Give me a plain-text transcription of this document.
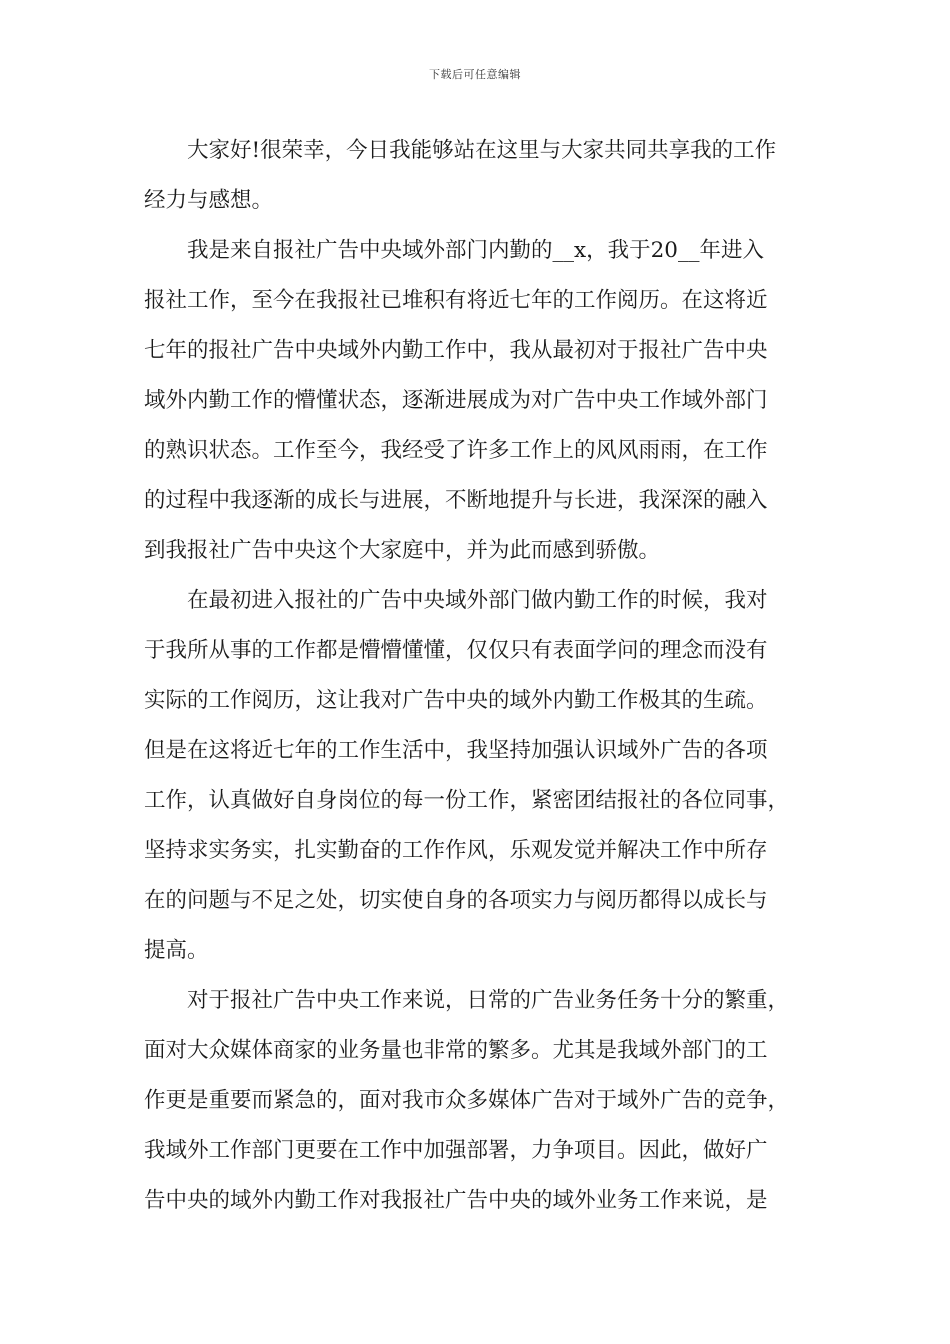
下载后可任意编辑
　　大家好!很荣幸，今日我能够站在这里与大家共同共享我的工作
经力与感想。
　　我是来自报社广告中央域外部门内勤的__x，我于20__年进入
报社工作，至今在我报社已堆积有将近七年的工作阅历。在这将近
七年的报社广告中央域外内勤工作中，我从最初对于报社广告中央
域外内勤工作的懵懂状态，逐渐进展成为对广告中央工作域外部门
的熟识状态。工作至今，我经受了许多工作上的风风雨雨，在工作
的过程中我逐渐的成长与进展，不断地提升与长进，我深深的融入
到我报社广告中央这个大家庭中，并为此而感到骄傲。
　　在最初进入报社的广告中央域外部门做内勤工作的时候，我对
于我所从事的工作都是懵懵懂懂，仅仅只有表面学问的理念而没有
实际的工作阅历，这让我对广告中央的域外内勤工作极其的生疏。
但是在这将近七年的工作生活中，我坚持加强认识域外广告的各项
工作，认真做好自身岗位的每一份工作，紧密团结报社的各位同事，
坚持求实务实，扎实勤奋的工作作风，乐观发觉并解决工作中所存
在的问题与不足之处，切实使自身的各项实力与阅历都得以成长与
提高。
　　对于报社广告中央工作来说，日常的广告业务任务十分的繁重，
面对大众媒体商家的业务量也非常的繁多。尤其是我域外部门的工
作更是重要而紧急的，面对我市众多媒体广告对于域外广告的竞争，
我域外工作部门更要在工作中加强部署，力争项目。因此，做好广
告中央的域外内勤工作对我报社广告中央的域外业务工作来说，是
